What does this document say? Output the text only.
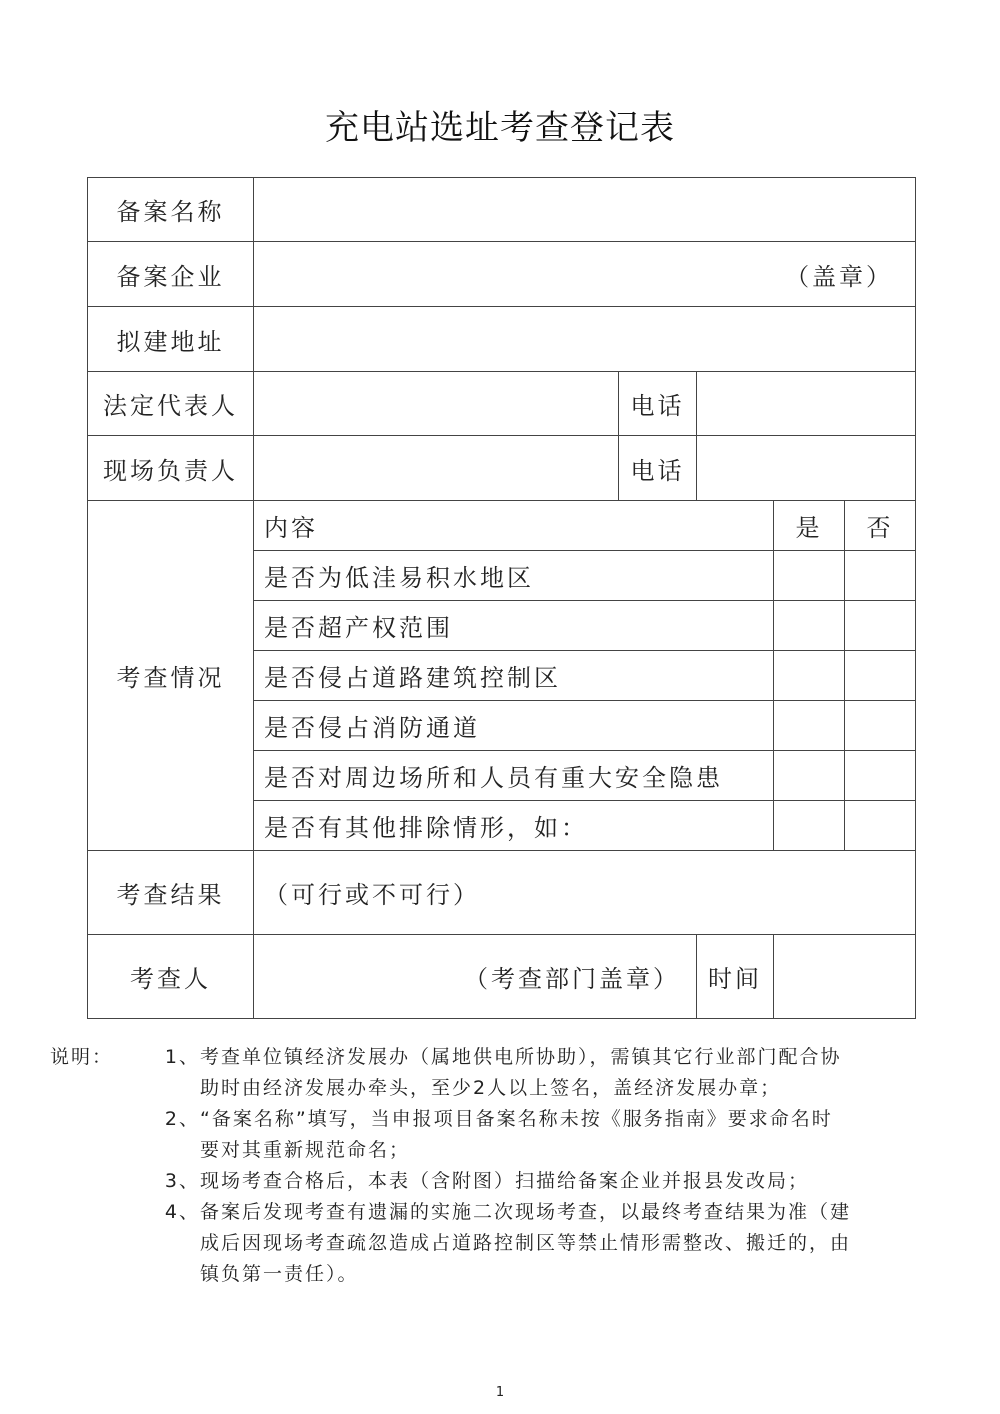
充电站选址考查登记表
备案名称					
备案企业	（盖章）				
拟建地址					
法定代表人		电话			
现场负责人		电话			
考查情况	内容			是	否
	是否为低洼易积水地区				
	是否超产权范围				
	是否侵占道路建筑控制区				
	是否侵占消防通道				
	是否对周边场所和人员有重大安全隐患				
	是否有其他排除情形，如：				
考查结果	（可行或不可行）				
考查人	（考查部门盖章）		时间		
说明：	1、 考查单位镇经济发展办（属地供电所协助），需镇其它行业部门配合协
助时由经济发展办牵头，至少2人以上签名，盖经济发展办章；
2、 “备案名称”填写，当申报项目备案名称未按《服务指南》要求命名时
要对其重新规范命名；
3、 现场考查合格后，本表（含附图）扫描给备案企业并报县发改局；
4、 备案后发现考查有遗漏的实施二次现场考查，以最终考查结果为准（建
成后因现场考查疏忽造成占道路控制区等禁止情形需整改、搬迁的，由
镇负第一责任）。
1
